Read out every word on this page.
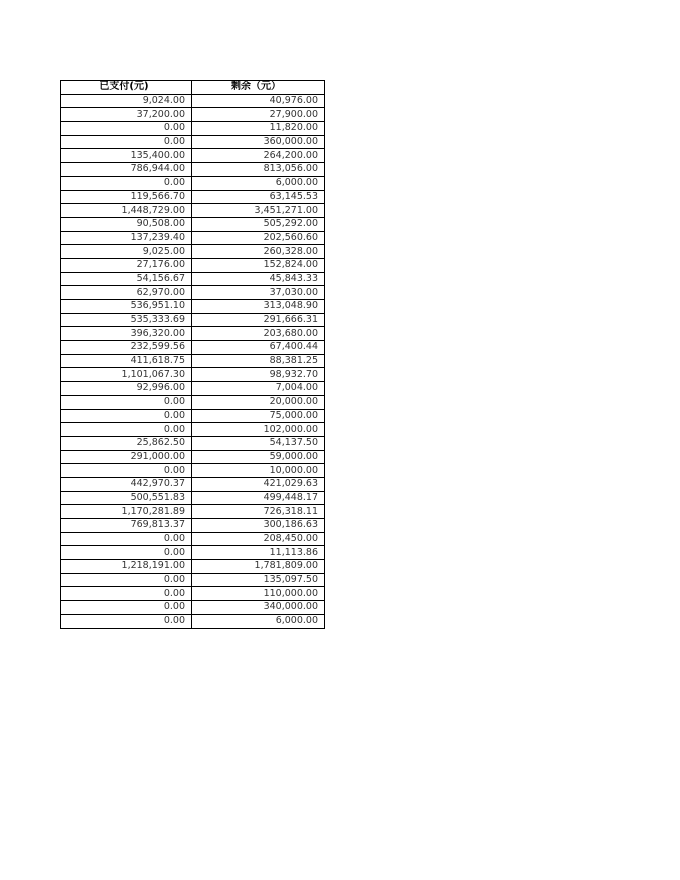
已支付(元)	剩余（元）
9,024.00	40,976.00
37,200.00	27,900.00
0.00	11,820.00
0.00	360,000.00
135,400.00	264,200.00
786,944.00	813,056.00
0.00	6,000.00
119,566.70	63,145.53
1,448,729.00	3,451,271.00
90,508.00	505,292.00
137,239.40	202,560.60
9,025.00	260,328.00
27,176.00	152,824.00
54,156.67	45,843.33
62,970.00	37,030.00
536,951.10	313,048.90
535,333.69	291,666.31
396,320.00	203,680.00
232,599.56	67,400.44
411,618.75	88,381.25
1,101,067.30	98,932.70
92,996.00	7,004.00
0.00	20,000.00
0.00	75,000.00
0.00	102,000.00
25,862.50	54,137.50
291,000.00	59,000.00
0.00	10,000.00
442,970.37	421,029.63
500,551.83	499,448.17
1,170,281.89	726,318.11
769,813.37	300,186.63
0.00	208,450.00
0.00	11,113.86
1,218,191.00	1,781,809.00
0.00	135,097.50
0.00	110,000.00
0.00	340,000.00
0.00	6,000.00
